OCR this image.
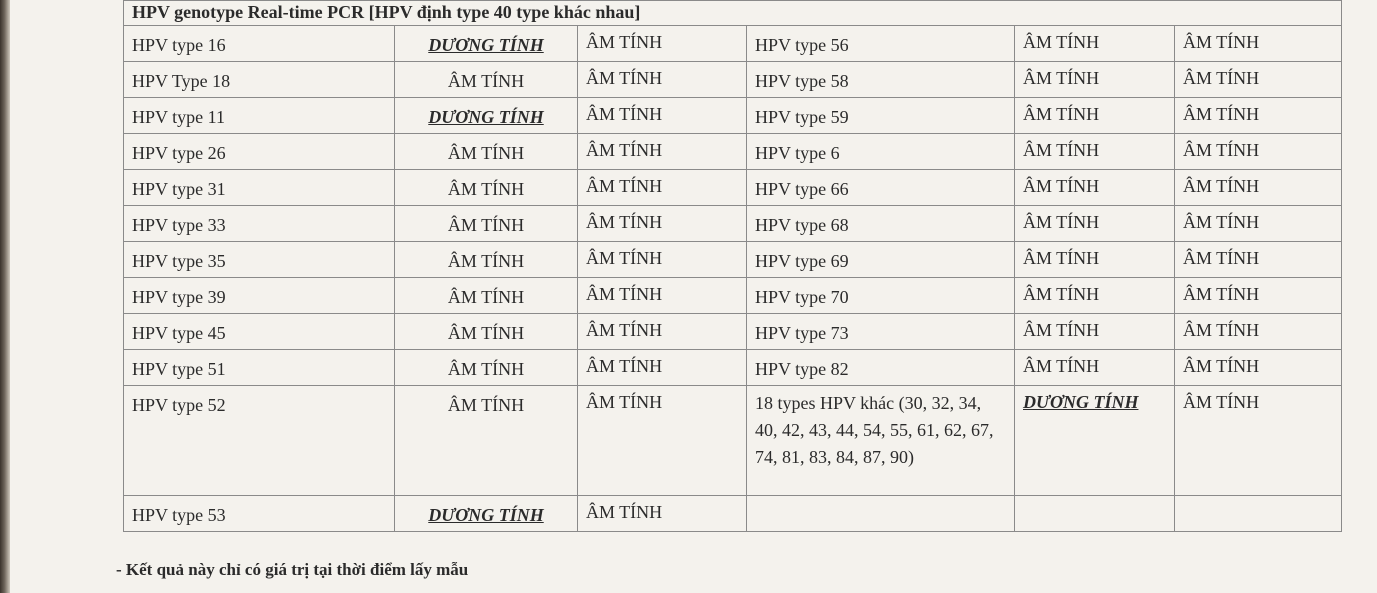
HPV genotype Real-time PCR [HPV định type 40 type khác nhau]					
HPV type 16	DƯƠNG TÍNH	ÂM TÍNH	HPV type 56	ÂM TÍNH	ÂM TÍNH
HPV Type 18	ÂM TÍNH	ÂM TÍNH	HPV type 58	ÂM TÍNH	ÂM TÍNH
HPV type 11	DƯƠNG TÍNH	ÂM TÍNH	HPV type 59	ÂM TÍNH	ÂM TÍNH
HPV type 26	ÂM TÍNH	ÂM TÍNH	HPV type 6	ÂM TÍNH	ÂM TÍNH
HPV type 31	ÂM TÍNH	ÂM TÍNH	HPV type 66	ÂM TÍNH	ÂM TÍNH
HPV type 33	ÂM TÍNH	ÂM TÍNH	HPV type 68	ÂM TÍNH	ÂM TÍNH
HPV type 35	ÂM TÍNH	ÂM TÍNH	HPV type 69	ÂM TÍNH	ÂM TÍNH
HPV type 39	ÂM TÍNH	ÂM TÍNH	HPV type 70	ÂM TÍNH	ÂM TÍNH
HPV type 45	ÂM TÍNH	ÂM TÍNH	HPV type 73	ÂM TÍNH	ÂM TÍNH
HPV type 51	ÂM TÍNH	ÂM TÍNH	HPV type 82	ÂM TÍNH	ÂM TÍNH
HPV type 52	ÂM TÍNH	ÂM TÍNH	18 types HPV khác (30, 32, 34, 40, 42, 43, 44, 54, 55, 61, 62, 67, 74, 81, 83, 84, 87, 90)	DƯƠNG TÍNH	ÂM TÍNH
HPV type 53	DƯƠNG TÍNH	ÂM TÍNH			
- Kết quả này chỉ có giá trị tại thời điểm lấy mẫu
